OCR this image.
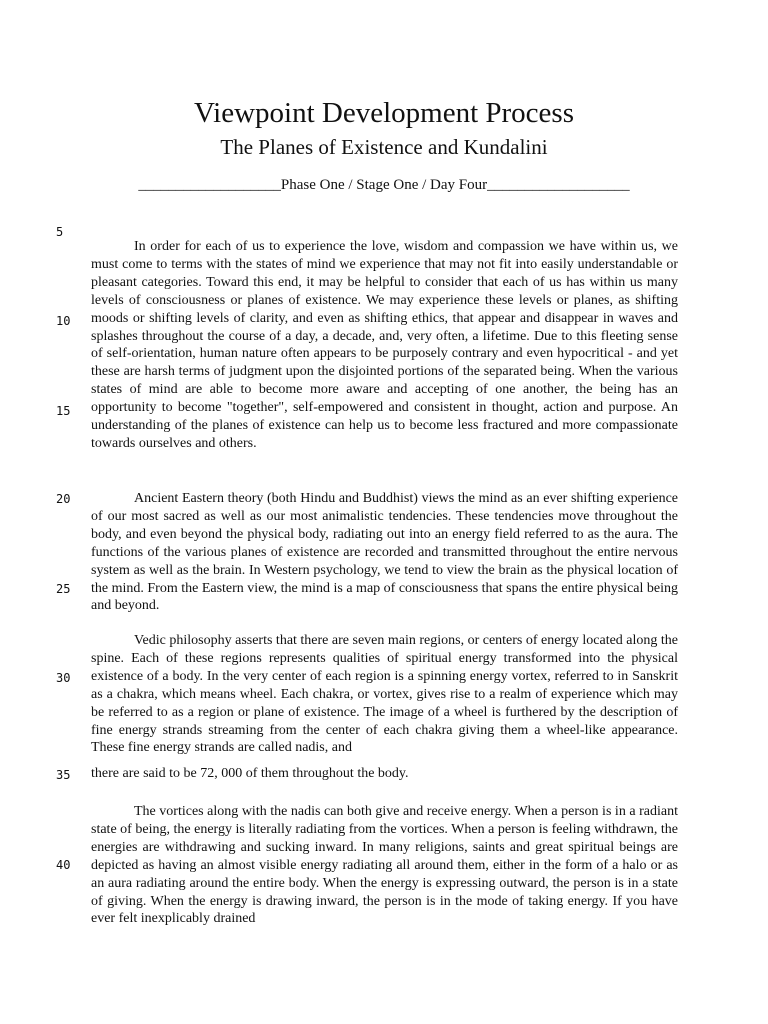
Viewpoint Development Process
The Planes of Existence and Kundalini
___________________Phase One / Stage One / Day Four___________________
5
10
15
20
25
30
35
40

In order for each of us to experience the love, wisdom and compassion we have within us, we must come to terms with the states of mind we experience that may not fit into easily understandable or pleasant categories. Toward this end, it may be helpful to consider that each of us has within us many levels of consciousness or planes of existence. We may experience these levels or planes, as shifting moods or shifting levels of clarity, and even as shifting ethics, that appear and disappear in waves and splashes throughout the course of a day, a decade, and, very often, a lifetime. Due to this fleeting sense of self-orientation, human nature often appears to be purposely contrary and even hypocritical - and yet these are harsh terms of judgment upon the disjointed portions of the separated being. When the various states of mind are able to become more aware and accepting of one another, the being has an opportunity to become "together", self-empowered and consistent in thought, action and purpose. An understanding of the planes of existence can help us to become less fractured and more compassionate towards ourselves and others.

Ancient Eastern theory (both Hindu and Buddhist) views the mind as an ever shifting experience of our most sacred as well as our most animalistic tendencies. These tendencies move throughout the body, and even beyond the physical body, radiating out into an energy field referred to as the aura. The functions of the various planes of existence are recorded and transmitted throughout the entire nervous system as well as the brain. In Western psychology, we tend to view the brain as the physical location of the mind. From the Eastern view, the mind is a map of consciousness that spans the entire physical being and beyond.

Vedic philosophy asserts that there are seven main regions, or centers of energy located along the spine. Each of these regions represents qualities of spiritual energy transformed into the physical existence of a body. In the very center of each region is a spinning energy vortex, referred to in Sanskrit as a chakra, which means wheel. Each chakra, or vortex, gives rise to a realm of experience which may be referred to as a region or plane of existence. The image of a wheel is furthered by the description of fine energy strands streaming from the center of each chakra giving them a wheel-like appearance. These fine energy strands are called nadis, and

there are said to be 72, 000 of them throughout the body.

The vortices along with the nadis can both give and receive energy. When a person is in a radiant state of being, the energy is literally radiating from the vortices. When a person is feeling withdrawn, the energies are withdrawing and sucking inward. In many religions, saints and great spiritual beings are depicted as having an almost visible energy radiating all around them, either in the form of a halo or as an aura radiating around the entire body. When the energy is expressing outward, the person is in a state of giving. When the energy is drawing inward, the person is in the mode of taking energy. If you have ever felt inexplicably drained
